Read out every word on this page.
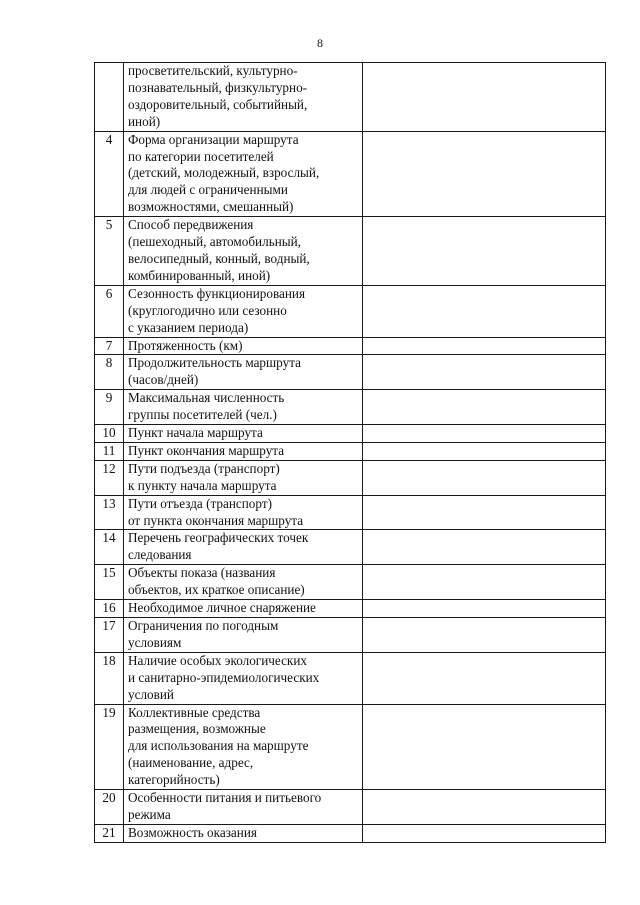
8
	просветительский, культурно-
познавательный, физкультурно-
оздоровительный, событийный,
иной)	
4	Форма организации маршрута
по категории посетителей
(детский, молодежный, взрослый,
для людей с ограниченными
возможностями, смешанный)	
5	Способ передвижения
(пешеходный, автомобильный,
велосипедный, конный, водный,
комбинированный, иной)	
6	Сезонность функционирования
(круглогодично или сезонно
с указанием периода)	
7	Протяженность (км)	
8	Продолжительность маршрута
(часов/дней)	
9	Максимальная численность
группы посетителей (чел.)	
10	Пункт начала маршрута	
11	Пункт окончания маршрута	
12	Пути подъезда (транспорт)
к пункту начала маршрута	
13	Пути отъезда (транспорт)
от пункта окончания маршрута	
14	Перечень географических точек
следования	
15	Объекты показа (названия
объектов, их краткое описание)	
16	Необходимое личное снаряжение	
17	Ограничения по погодным
условиям	
18	Наличие особых экологических
и санитарно-эпидемиологических
условий	
19	Коллективные средства
размещения, возможные
для использования на маршруте
(наименование, адрес,
категорийность)	
20	Особенности питания и питьевого
режима	
21	Возможность оказания	
